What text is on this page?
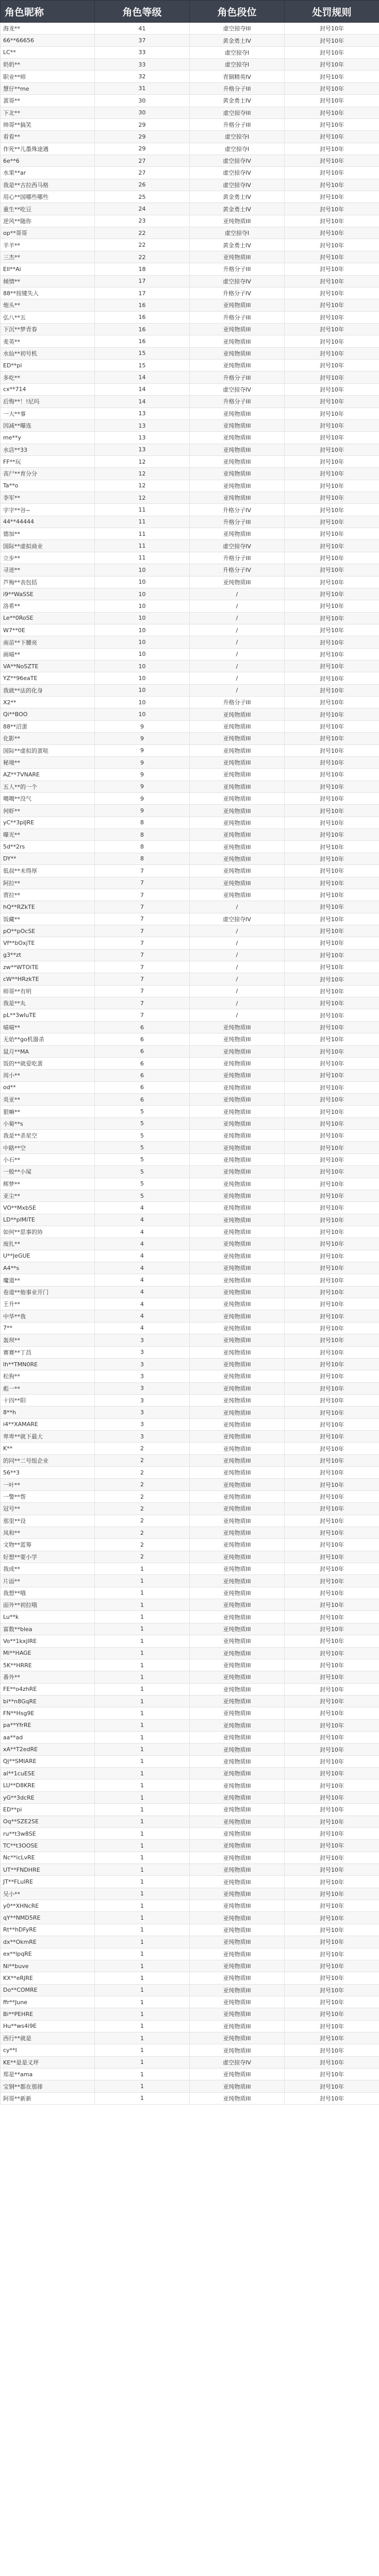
角色昵称	角色等级	角色段位	处罚规则
海龙**	41	虚空掠夺III	封号10年
66**66656	37	黄金勇士IV	封号10年
LC**	33	虚空掠夺I	封号10年
奶奶**	33	虚空掠夺I	封号10年
职业**师	32	青铜精英IV	封号10年
慧仔**me	31	升格分子III	封号10年
蛋哥**	30	黄金勇士IV	封号10年
下北**	30	虚空掠夺III	封号10年
帅哥**搞笑	29	升格分子III	封号10年
看看**	29	虚空掠夺I	封号10年
作死**儿墨殊途遇	29	虚空掠夺I	封号10年
6e**6	27	虚空掠夺IV	封号10年
水果**ar	27	虚空掠夺IV	封号10年
我是**古拉西马格	26	虚空掠夺IV	封号10年
用心**国哪些哪些	25	黄金勇士IV	封号10年
重生**吃豆	24	黄金勇士IV	封号10年
逆风**随你	23	亚纯物质III	封号10年
op**哥哥	22	虚空掠夺I	封号10年
羊羊**	22	黄金勇士IV	封号10年
三杰**	22	亚纯物质III	封号10年
Ell**Ai	18	升格分子III	封号10年
倾情**	17	虚空掠夺IV	封号10年
88**按键失入	17	升格分子IV	封号10年
炮头**	16	亚纯物质III	封号10年
弘八**五	16	升格分子III	封号10年
下沉**梦青春	16	亚纯物质III	封号10年
麦英**	16	亚纯物质III	封号10年
水仙**初号机	15	亚纯物质III	封号10年
ED**pi	15	亚纯物质III	封号10年
多吃**	14	升格分子III	封号10年
cx**714	14	虚空掠夺IV	封号10年
后悔**！!尼玛	14	升格分子III	封号10年
一大**事	13	亚纯物质III	封号10年
因减**曝连	13	亚纯物质III	封号10年
me**y	13	亚纯物质III	封号10年
水店**33	13	亚纯物质III	封号10年
FF**玩	12	亚纯物质III	封号10年
丧尸**育分分	12	亚纯物质III	封号10年
Ta**o	12	亚纯物质III	封号10年
李军**	12	亚纯物质III	封号10年
字字**谷~	11	升格分子IV	封号10年
44**44444	11	升格分子III	封号10年
德加**	11	亚纯物质III	封号10年
国际**虚拟商业	11	虚空掠夺IV	封号10年
立步**	11	升格分子III	封号10年
寻迹**	10	升格分子IV	封号10年
芦梅**表包括	10	亚纯物质III	封号10年
i9**WaSSE	10	/	封号10年
洛希**	10	/	封号10年
Le**0RoSE	10	/	封号10年
W7**0E	10	/	封号10年
南苗**下腰亮	10	/	封号10年
画喵**	10	/	封号10年
VA**NoSZTE	10	/	封号10年
YZ**96eaTE	10	/	封号10年
我就**法的化身	10	/	封号10年
X2**	10	升格分子III	封号10年
Qi**BOO	10	亚纯物质III	封号10年
88**沼蛋	9	亚纯物质III	封号10年
化影**	9	亚纯物质III	封号10年
国际**虚拟的蛋哒	9	亚纯物质III	封号10年
秘境**	9	亚纯物质III	封号10年
AZ**7VNARE	9	亚纯物质III	封号10年
五人**的一个	9	亚纯物质III	封号10年
噶噶**没气	9	亚纯物质III	封号10年
何虾**	9	亚纯物质III	封号10年
yC**3pIJRE	8	亚纯物质III	封号10年
曝光**	8	亚纯物质III	封号10年
5d**2rs	8	亚纯物质III	封号10年
DY**	8	亚纯物质III	封号10年
低叔**未得厚	7	亚纯物质III	封号10年
阿拉**	7	亚纯物质III	封号10年
贾拉**	7	亚纯物质III	封号10年
hQ**RZkTE	7	/	封号10年
饭藏**	7	虚空掠夺IV	封号10年
pO**pOcSE	7	/	封号10年
Vf**bOxjTE	7	/	封号10年
g3**zt	7	/	封号10年
zw**WTOiTE	7	/	封号10年
cW**HRzkTE	7	/	封号10年
师哥**有明	7	/	封号10年
我是**丸	7	/	封号10年
pL**3wIuTE	7	/	封号10年
喵喵**	6	亚纯物质III	封号10年
无始**go机器杀	6	亚纯物质III	封号10年
鼠月**MA	6	亚纯物质III	封号10年
饭的**就爱吃蛋	6	亚纯物质III	封号10年
周小**	6	亚纯物质III	封号10年
od**	6	亚纯物质III	封号10年
炎亚**	6	亚纯物质III	封号10年
狠嘛**	5	亚纯物质III	封号10年
小菊**s	5	亚纯物质III	封号10年
我是**杀星空	5	亚纯物质III	封号10年
中路**空	5	亚纯物质III	封号10年
小石**	5	亚纯物质III	封号10年
一般**小屎	5	亚纯物质III	封号10年
辉梦**	5	亚纯物质III	封号10年
亚尘**	5	亚纯物质III	封号10年
VO**MxbSE	4	亚纯物质III	封号10年
LD**plMiTE	4	亚纯物质III	封号10年
如何**思事的协	4	亚纯物质III	封号10年
废扎**	4	亚纯物质III	封号10年
U**JeGUE	4	亚纯物质III	封号10年
A4**s	4	亚纯物质III	封号10年
魔道**	4	亚纯物质III	封号10年
卷道**他事业开门	4	亚纯物质III	封号10年
王升**	4	亚纯物质III	封号10年
中华**我	4	亚纯物质III	封号10年
7**	4	亚纯物质III	封号10年
轰坝**	3	亚纯物质III	封号10年
赛赛**丁昌	3	亚纯物质III	封号10年
lh**TMN0RE	3	亚纯物质III	封号10年
松狗**	3	亚纯物质III	封号10年
彪一**	3	亚纯物质III	封号10年
十四**阳	3	亚纯物质III	封号10年
8**h	3	亚纯物质III	封号10年
i4**XAMARE	3	亚纯物质III	封号10年
卑卑**就下最大	3	亚纯物质III	封号10年
K**	2	亚纯物质III	封号10年
的同**二号组企业	2	亚纯物质III	封号10年
56**3	2	亚纯物质III	封号10年
一叶**	2	亚纯物质III	封号10年
一警**帮	2	亚纯物质III	封号10年
冠号**	2	亚纯物质III	封号10年
那里**设	2	亚纯物质III	封号10年
凤和**	2	亚纯物质III	封号10年
文物**蓝筹	2	亚纯物质III	封号10年
好想**要小学	2	亚纯物质III	封号10年
我成**	1	亚纯物质III	封号10年
片面**	1	亚纯物质III	封号10年
我想**哦	1	亚纯物质III	封号10年
面外**初拉哦	1	亚纯物质III	封号10年
Lu**k	1	亚纯物质III	封号10年
富数**blea	1	亚纯物质III	封号10年
Vo**1kxjIRE	1	亚纯物质III	封号10年
Mi**HAGE	1	亚纯物质III	封号10年
5K**HRRE	1	亚纯物质III	封号10年
番外**	1	亚纯物质III	封号10年
FE**o4zhRE	1	亚纯物质III	封号10年
bi**n8GqRE	1	亚纯物质III	封号10年
FN**Hsg9E	1	亚纯物质III	封号10年
pa**YfrRE	1	亚纯物质III	封号10年
aa**ad	1	亚纯物质III	封号10年
xA**T2edRE	1	亚纯物质III	封号10年
Qj**SMIARE	1	亚纯物质III	封号10年
al**1cuESE	1	亚纯物质III	封号10年
LU**D8KRE	1	亚纯物质III	封号10年
yG**3dcRE	1	亚纯物质III	封号10年
ED**pi	1	亚纯物质III	封号10年
Oq**SZE2SE	1	亚纯物质III	封号10年
ru**t3w8SE	1	亚纯物质III	封号10年
TC**t3OOSE	1	亚纯物质III	封号10年
Nc**icLvRE	1	亚纯物质III	封号10年
UT**FNDHRE	1	亚纯物质III	封号10年
JT**FLuIRE	1	亚纯物质III	封号10年
吴小**	1	亚纯物质III	封号10年
y0**XHNcRE	1	亚纯物质III	封号10年
qY**NMD5RE	1	亚纯物质III	封号10年
Rt**hDFyRE	1	亚纯物质III	封号10年
dx**OkmRE	1	亚纯物质III	封号10年
ex**lpqRE	1	亚纯物质III	封号10年
Ni**buve	1	亚纯物质III	封号10年
KX**eRJRE	1	亚纯物质III	封号10年
Do**COMRE	1	亚纯物质III	封号10年
ffr**June	1	亚纯物质III	封号10年
Bi**PEHRE	1	亚纯物质III	封号10年
Hu**ws4i9E	1	亚纯物质III	封号10年
西行**就是	1	亚纯物质III	封号10年
cy**I	1	亚纯物质III	封号10年
KE**是是义坪	1	虚空掠夺IV	封号10年
郑是**ama	1	亚纯物质III	封号10年
宝钢**都在那排	1	亚纯物质III	封号10年
阿哥**新新	1	亚纯物质III	封号10年
